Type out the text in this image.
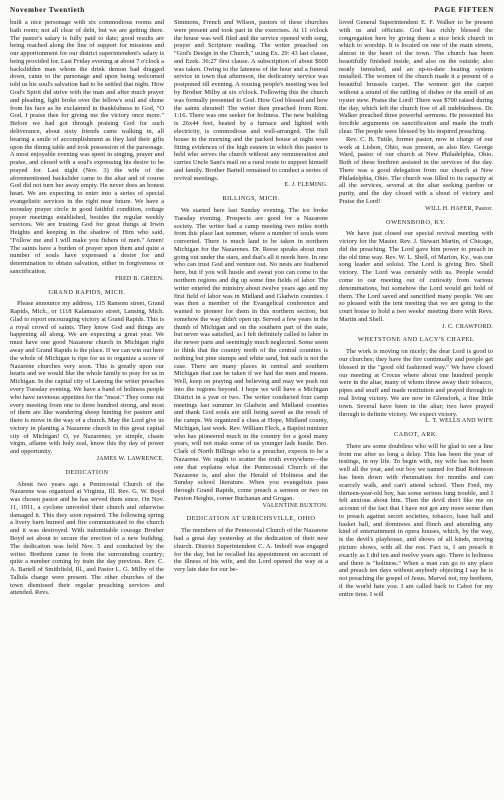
November Twentieth	PAGE FIFTEEN

built a nice personage with six commodious rooms and bath room; not all clear of debt, but we are getting there. The pastor's salary is fully paid to date; good results are being reached along the line of support for missions and our apportionment for our district superintendent's salary is being provided for. Last Friday evening at about 7 o'clock a backslidden man whom the drink demon had dragged down, came to the parsonage and upon being welcomed told us his soul's salvation had to be settled that night. How God's Spirit did strive with the man and after much prayer and pleading, light broke over the fellow's soul and shone from his face as he exclaimed in thankfulness to God, "O God, I praise thee for giving me the victory once more." Before we had got through praising God for such deliverance, about sixty friends came walking in, all bearing a smile of accomplishment as they laid their gifts upon the dining table and took possession of the parsonage. A most enjoyable evening was spent in singing, prayer and praise, and closed with a soul's expressing his desire to be prayed for. Last night (Nov. 3) the wife of the aforementioned backslider came to the altar and of course God did not turn her away empty. He never does an honest heart. We are expecting to enter into a series of special evangelistic services in the right near future. We have a noonday prayer circle in good faithful condition, cottage prayer meetings established, besides the regular weekly services. We are trusting God for great things at Irwin Heights and keeping in the shadow of Him who said, "Follow me and I will make you fishers of men." Amen! The saints have a burden of prayer upon them and quite a number of souls have expressed a desire for and determination to obtain salvation, either in forgiveness or sanctification.

FRED B. GREEN.
GRAND RAPIDS, MICH.

Please announce my address, 115 Ransom street, Grand Rapids, Mich., or 1118 Kalamazoo street, Lansing, Mich. Glad to report encouraging victory at Grand Rapids. This is a royal crowd of saints. They know God and things are happening all along. We are expecting a great year. We must have one good Nazarene church in Michigan right away and Grand Rapids is the place. If we can win out here the whole of Michigan is ripe for us to organize a score of Nazarene churches very soon. This is greatly upon our hearts and we would like the whole family to pray for us in Michigan. In the capital city of Lansing the writer preaches every Tuesday evening. We have a band of holiness people who have ravenous appetites for the "meat." They come out every meeting from one to three hundred strong, and most of them are like wandering sheep hunting for pasture and there is move in the way of a church. May the Lord give us victory in planting a Nazarene church in this great capital city of Michigan! O, ye Nazarenes; ye simple, chaste virgin, aflame with holy zeal, know this thy day of power and opportunity.

JAMES W. LAWRENCE.
DEDICATION

About two years ago a Pentecostal Church of the Nazarene was organized at Virginia, Ill. Rev. G. W. Boyd was chosen pastor and he has served them since. On Nov. 11, 1911, a cyclone unroofed their church and otherwise damaged it. This they soon repaired. The following spring a livery barn burned and fire communicated to the church and it was destroyed. With indomitable courage Brother Boyd set about to secure the erection of a new building. The dedication was held Nov. 5 and conducted by the writer. Brethren came in from the surrounding country; quite a number coming by train the day previous. Rev. C. A. Bartell of Smithfield, Ill., and Pastor L. G. Milby of the Tallula charge were present. The other churches of the town dismissed their regular preaching services and attended. Revs.

Simmons, French and Wilson, pastors of these churches were present and took part in the exercises. At 11 o'clock the house was well filed and the service opened with song, prayer and Scripture reading. The writer preached on "God's Design in the Church," using Ex. 29: 43 last clause, and Ezek. 36:27 first clause. A subscription of about $600 was taken. Owing to the lateness of the hour and a funeral service in town that afternoon, the dedicatory service was postponed till evening. A rousing people's meeting was led by Brother Milby at six o'clock. Following this the church was formally presented to God. How God blessed and how the saints shouted! The writer then preached from Rom. 1:16. There was one seeker for holiness. The new building is 26x44 feet, heated by a furnace and lighted with electricity, is commodious and well-arranged. The full house in the morning and the packed house at night were fitting evidences of the high esteem in which this pastor is held who serves the church without any remuneration and carries Uncle Sam's mail on a rural route to support himself and family. Brother Bartell remained to conduct a series of revival meetings.

E. J. FLEMING.
BILLINGS, MICH.

We started here last Sunday evening. The ice broke Tuesday evening. Prospects are good for a Nazarene society. The writer had a camp meeting two miles north from this place last summer, where a number of souls were converted. There is much land to be taken in northern Michigan for the Nazarenes. Dr. Reese speaks about men going out under the stars, and that's all it needs here. In one who can trust God and venture out. No nests are feathered here, but if you will hustle and sweat you can come to the northern regions and dig up some fine fields of labor. The writer entered the ministry about twelve years ago and my first field of labor was in Midland and Gladwin counties. I was then a member of the Evangelical conference and wanted to pioneer for them in this northern section, but somehow the way didn't open up. Served a few years in the thumb of Michigan and on the southern part of the state, but never was satisfied, as I felt definitely called to labor in the newer parts and seemingly much neglected. Some seem to think that the country north of the central counties is nothing but pine stumps and white sand, but such is not the case. There are many places in central and southern Michigan that can be taken if we had the men and means. Well, keep on praying and believing and may we push out into the regions beyond. I hope we will have a Michigan District in a year or two. The writer conducted four camp meetings last summer in Gladwin and Midland counties and thank God souls are still being saved as the result of the camps. We organized a class at Hope, Midland county, Michigan, last week. Rev. William Fleck, a Baptist minister who has pioneered much in the country for a good many years, will not make some of us younger lads hustle. Bro. Clark of North Billings who is a preacher, expects to be a Nazarene. We ought to scatter the truth everywhere—the one that explains what the Pentecostal Church of the Nazarene is, and also the Herald of Holiness and the Sunday school literature. When you evangelists pass through Grand Rapids, come preach a sermon or two on Paxton Heights, corner Buchanan and Grogan.

VALENTINE BUXTON.
DEDICATION AT URRICHSVILLE, OHIO

The members of the Pentecostal Church of the Nazarene had a great day yesterday at the dedication of their new church. District Superintendent C. A. Imhoff was engaged for the day, but he recalled his appointment on account of the illness of his wife, and the Lord opened the way at a very late date for our be-

loved General Superintendent E. F. Walker to be present with us and officiate. God has richly blessed the congregation here by giving them a nice brick church in which to worship. It is located on one of the main streets, almost in the heart of the town. The church has been beautifully finished inside, and also on the outside; also neatly furnished, and an up-to-date heating system installed. The women of the church made it a present of a beautiful brussels carpet. The women got the carpet without a sound of the rattling of dishes or the smell of an oyster stew. Praise the Lord! There was $700 raised during the day, which left the church free of all indebtedness. Dr. Walker preached three powerful sermons. He presented his forcible arguments on sanctification and made the truth clear. The people were blessed by his inspired preaching.

Rev. C. B. Tuttle, former pastor, now in charge of our work at Lisbon, Ohio, was present, as also Rev. George Ward, pastor of our church at New Philadelphia, Ohio. Both of these brethren assisted in the services of the day. There was a good delegation from our church at New Philadelphia, Ohio. The church was filled to its capacity at all the services, several at the altar seeking pardon or purity, and the day closed with a shout of victory and Praise the Lord!

WILL H. HAFER, Pastor.
OWENSBORO, KY.

We have just closed our special revival meeting with victory for the Master. Rev. J. Stewart Martin, of Chicago, did the preaching. The Lord gave him power to preach in the old time way. Rev. W. L. Shell, of Marion, Ky., was our song leader and soloist. The Lord is giving Bro. Shell victory. The Lord was certainly with us. People would come to our meeting out of curiosity from various denominations, but somehow the Lord would get hold of them. The Lord saved and sanctified many people. We are so pleased with the tent meeting that we are going to the court house to hold a two weeks' meeting there with Revs. Martin and Shell.

J. C. CRAWFORD.
WHETSTONE AND LACY'S CHAPEL

The work is moving on nicely; the dear Lord is good to our churches; they have the fire continually and people get blessed in the "good old fashioned way." We have closed our meeting at Crocus where about one hundred people were in the altar, many of whom threw away their tobacco, pipes and snuff and made restitution and prayed through to real living victory. We are now in Glensfork, a fine little town. Several have been in the altar; two have prayed through to definite victory. We expect victory.

L. T. WELLS AND WIFE
CABOT, ARK.

There are some doubtless who will be glad to see a line from me after so long a delay. This has been the year of testings, in my life. To begin with, my wife has not been well all the year, and our boy we named for Bud Robinson has been down with rheumatism for months and can scarcely walk, and can't attend school. Then Fred, my thirteen-year-old boy, has some serious lung trouble, and I felt anxious about him. Then the devil don't like me on account of the fact that I have not got any more sense than to preach against secret societies, tobacco, base ball and basket ball, and dominoes and flinch and attending any kind of entertainment in opera houses, which, by the way, is the devil's playhouse, and shows of all kinds, moving picture shows, with all the rest. Fact is, I am preach it exactly as I did ten and twelve years ago. There is holiness and there is "holiness." When a man can go to any place and preach ten days without anybody objecting I say he is not preaching the gospel of Jesus. Marvel not, my brethren, if the world hate you. I am called back to Cabot for my entire time. I will
